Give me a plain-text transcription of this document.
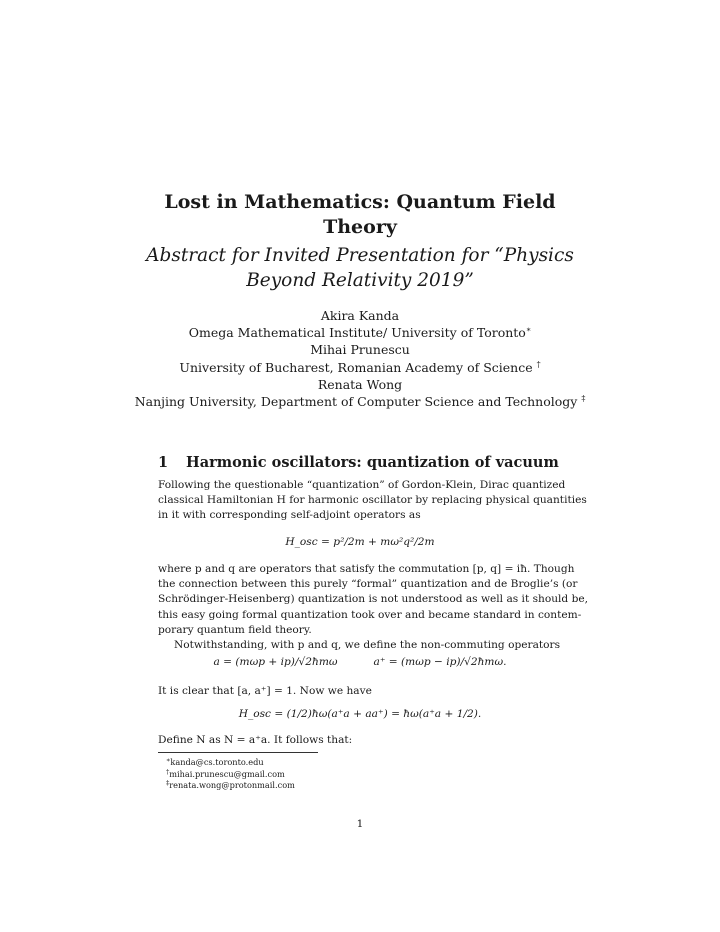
Lost in Mathematics: Quantum Field
Theory
Abstract for Invited Presentation for “Physics
Beyond Relativity 2019”
Akira Kanda
Omega Mathematical Institute/ University of Toronto∗
Mihai Prunescu
University of Bucharest, Romanian Academy of Science †
Renata Wong
Nanjing University, Department of Computer Science and Technology ‡
1 Harmonic oscillators: quantization of vacuum
Following the questionable “quantization” of Gordon-Klein, Dirac quantized
classical Hamiltonian H for harmonic oscillator by replacing physical quantities
in it with corresponding self-adjoint operators as
H_osc = p²/2m + mω²q²/2m
where p and q are operators that satisfy the commutation [p, q] = iħ. Though
the connection between this purely “formal” quantization and de Broglie’s (or
Schrödinger-Heisenberg) quantization is not understood as well as it should be,
this easy going formal quantization took over and became standard in contem-
porary quantum field theory.
Notwithstanding, with p and q, we define the non-commuting operators
a = (mωp + ip)/√2ħmω	a⁺ = (mωp − ip)/√2ħmω.
It is clear that [a, a⁺] = 1. Now we have
H_osc = (1/2)ħω(a⁺a + aa⁺) = ħω(a⁺a + 1/2).
Define N as N = a⁺a. It follows that:
∗kanda@cs.toronto.edu
†mihai.prunescu@gmail.com
‡renata.wong@protonmail.com
1
